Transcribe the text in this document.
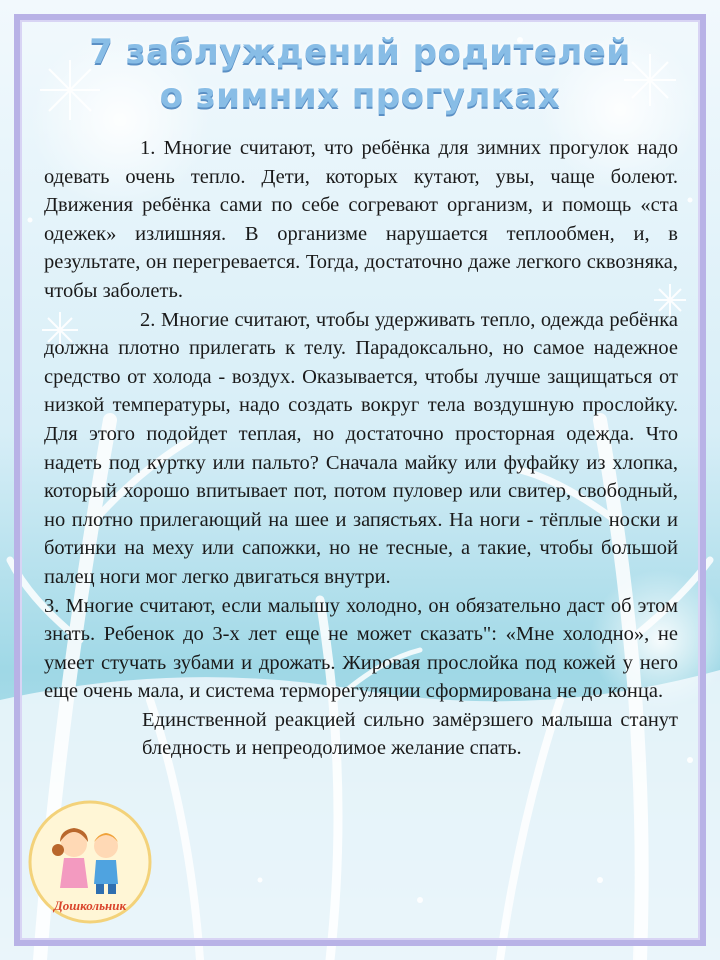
7 заблуждений родителей
о зимних прогулках

1. Многие считают, что ребёнка для зимних прогулок надо одевать очень тепло. Дети, которых кутают, увы, чаще болеют. Движения ребёнка сами по себе согревают организм, и помощь «ста одежек» излишняя. В организме нарушается теплообмен, и, в результате, он перегревается. Тогда, достаточно даже легкого сквозняка, чтобы заболеть.

2. Многие считают, чтобы удерживать тепло, одежда ребёнка должна плотно прилегать к телу. Парадоксально, но самое надежное средство от холода - воздух. Оказывается, чтобы лучше защищаться от низкой температуры, надо создать вокруг тела воздушную прослойку. Для этого подойдет теплая, но достаточно просторная одежда. Что надеть под куртку или пальто? Сначала майку или фуфайку из хлопка, который хорошо впитывает пот, потом пуловер или свитер, свободный, но плотно прилегающий на шее и запястьях. На ноги - тёплые носки и ботинки на меху или сапожки, но не тесные, а такие, чтобы большой палец ноги мог легко двигаться внутри.

3. Многие считают, если малышу холодно, он обязательно даст об этом знать. Ребенок до 3-х лет еще не может сказать": «Мне холодно», не умеет стучать зубами и дрожать. Жировая прослойка под кожей у него еще очень мала, и система терморегуляции сформирована не до конца.

Единственной реакцией сильно замёрзшего малыша станут бледность и непреодолимое желание спать.

Дошкольник
